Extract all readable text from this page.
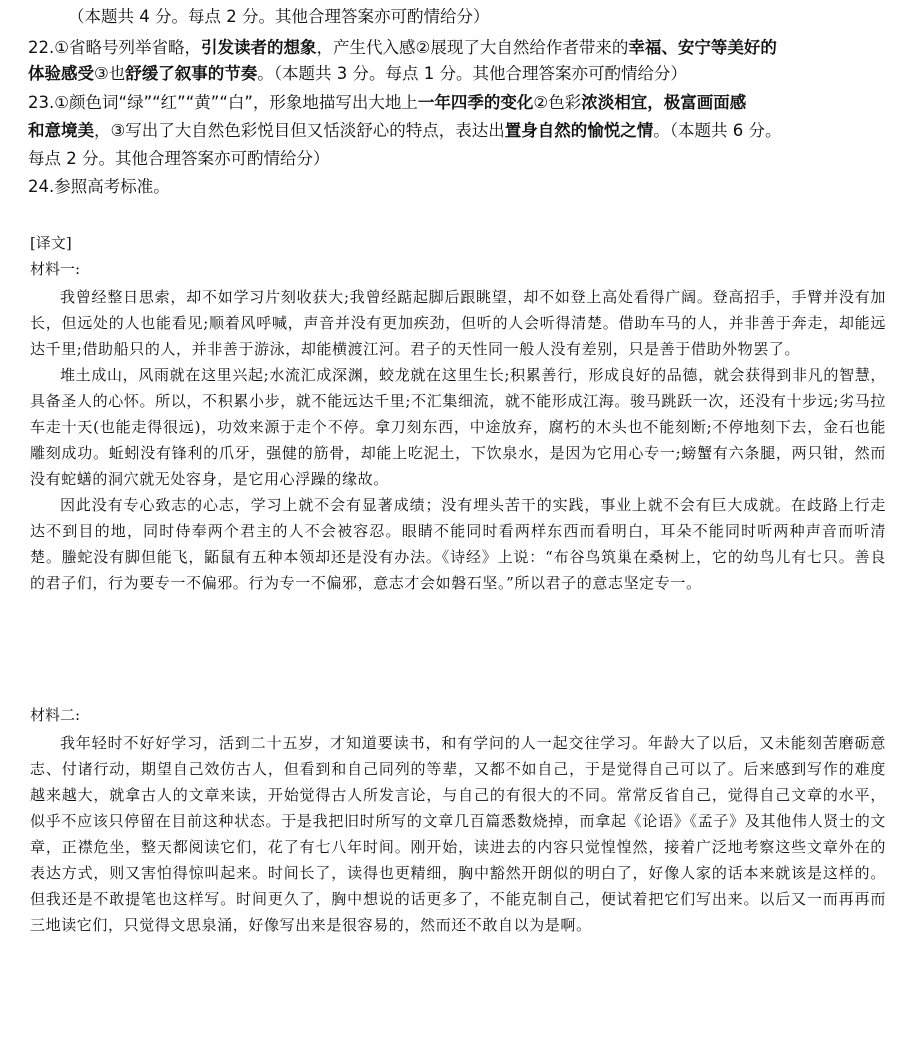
（本题共 4 分。每点 2 分。其他合理答案亦可酌情给分）
22.①省略号列举省略，引发读者的想象，产生代入感②展现了大自然给作者带来的幸福、安宁等美好的
体验感受③也舒缓了叙事的节奏。（本题共 3 分。每点 1 分。其他合理答案亦可酌情给分）
23.①颜色词“绿”“红”“黄”“白”，形象地描写出大地上一年四季的变化②色彩浓淡相宜，极富画面感
和意境美，③写出了大自然色彩悦目但又恬淡舒心的特点，表达出置身自然的愉悦之情。（本题共 6 分。
每点 2 分。其他合理答案亦可酌情给分）
24.参照高考标准。
[译文]
材料一:

我曾经整日思索，却不如学习片刻收获大;我曾经踮起脚后跟眺望，却不如登上高处看得广阔。登高招手，手臂并没有加长，但远处的人也能看见;顺着风呼喊，声音并没有更加疾劲，但听的人会听得清楚。借助车马的人，并非善于奔走，却能远达千里;借助船只的人，并非善于游泳，却能横渡江河。君子的天性同一般人没有差别，只是善于借助外物罢了。

堆土成山，风雨就在这里兴起;水流汇成深渊，蛟龙就在这里生长;积累善行，形成良好的品德，就会获得到非凡的智慧，具备圣人的心怀。所以，不积累小步，就不能远达千里;不汇集细流，就不能形成江海。骏马跳跃一次，还没有十步远;劣马拉车走十天(也能走得很远)，功效来源于走个不停。拿刀刻东西，中途放弃，腐朽的木头也不能刻断;不停地刻下去，金石也能雕刻成功。蚯蚓没有锋利的爪牙，强健的筋骨，却能上吃泥土，下饮泉水，是因为它用心专一;螃蟹有六条腿，两只钳，然而没有蛇蟮的洞穴就无处容身，是它用心浮躁的缘故。

因此没有专心致志的心志，学习上就不会有显著成绩；没有埋头苦干的实践，事业上就不会有巨大成就。在歧路上行走达不到目的地，同时侍奉两个君主的人不会被容忍。眼睛不能同时看两样东西而看明白，耳朵不能同时听两种声音而听清楚。螣蛇没有脚但能飞，鼫鼠有五种本领却还是没有办法。《诗经》上说：“布谷鸟筑巢在桑树上，它的幼鸟儿有七只。善良的君子们，行为要专一不偏邪。行为专一不偏邪，意志才会如磐石坚。”所以君子的意志坚定专一。

材料二:

我年轻时不好好学习，活到二十五岁，才知道要读书，和有学问的人一起交往学习。年龄大了以后，又未能刻苦磨砺意志、付诸行动，期望自己效仿古人，但看到和自己同列的等辈，又都不如自己，于是觉得自己可以了。后来感到写作的难度越来越大，就拿古人的文章来读，开始觉得古人所发言论，与自己的有很大的不同。常常反省自己，觉得自己文章的水平，似乎不应该只停留在目前这种状态。于是我把旧时所写的文章几百篇悉数烧掉，而拿起《论语》《孟子》及其他伟人贤士的文章，正襟危坐，整天都阅读它们，花了有七八年时间。刚开始，读进去的内容只觉惶惶然，接着广泛地考察这些文章外在的表达方式，则又害怕得惊叫起来。时间长了，读得也更精细，胸中豁然开朗似的明白了，好像人家的话本来就该是这样的。但我还是不敢提笔也这样写。时间更久了，胸中想说的话更多了，不能克制自己，便试着把它们写出来。以后又一而再再而三地读它们，只觉得文思泉涌，好像写出来是很容易的，然而还不敢自以为是啊。
